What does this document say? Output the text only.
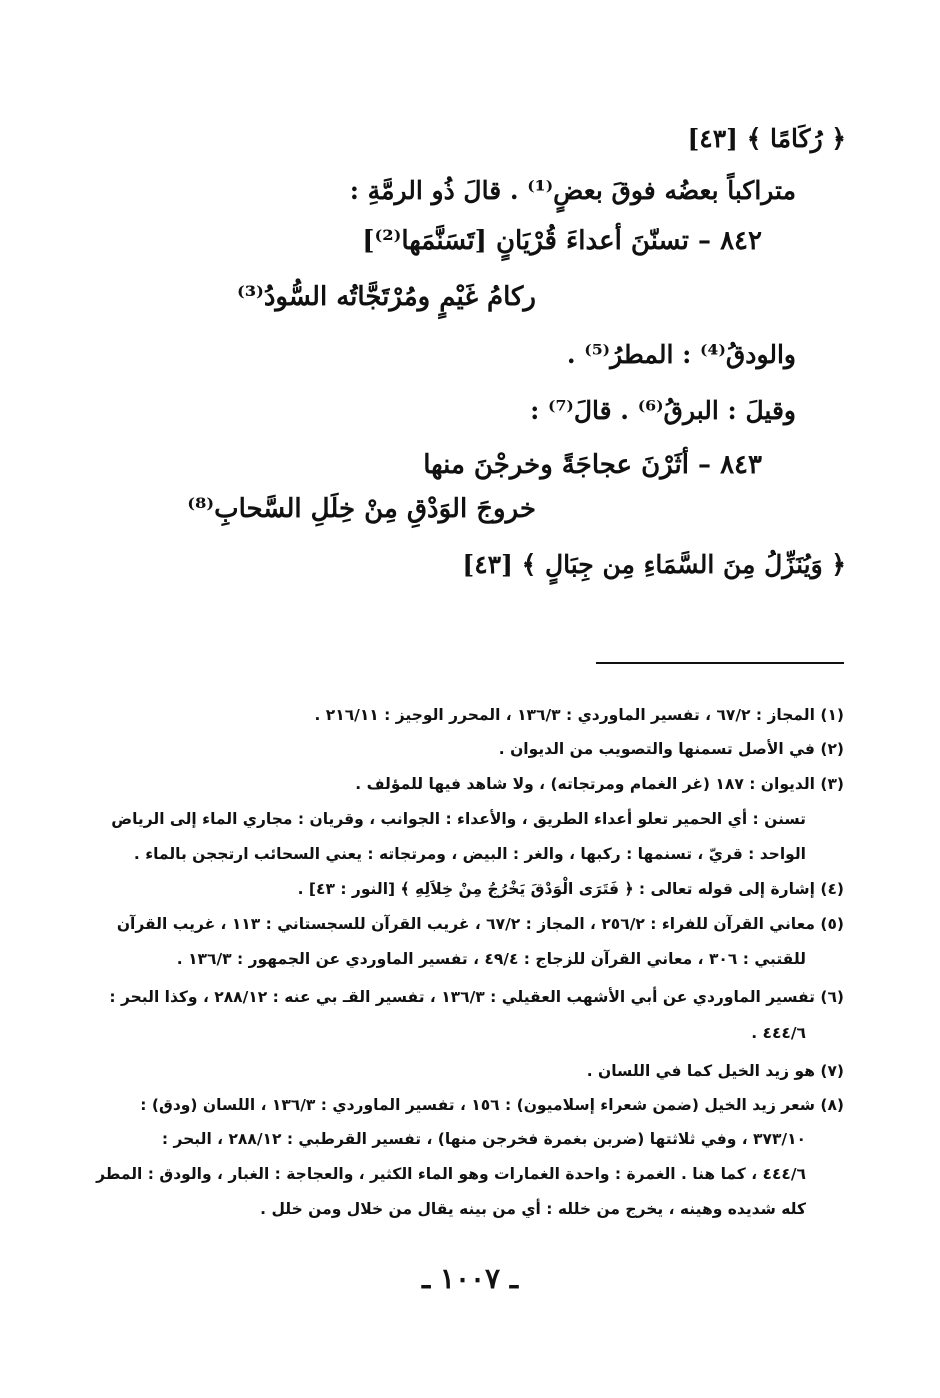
﴿ رُكَامًا ﴾ [٤٣]
متراكباً بعضُه فوقَ بعضٍ⁽¹⁾ . قالَ ذُو الرمَّةِ :
٨٤٢ – تسنّنَ أعداءَ قُرْيَانٍ [تَسَنَّمَها⁽²⁾]
ركامُ غَيْمٍ ومُرْتَجَّاتُه السُّودُ⁽³⁾
والودقُ⁽⁴⁾ : المطرُ⁽⁵⁾ .
وقيلَ : البرقُ⁽⁶⁾ . قالَ⁽⁷⁾ :
٨٤٣ – أثَرْنَ عجاجَةً وخرجْنَ منها
خروجَ الوَدْقِ مِنْ خِلَلِ السَّحابِ⁽⁸⁾
﴿ وَيُنَزِّلُ مِنَ السَّمَاءِ مِن جِبَالٍ ﴾ [٤٣]
(١) المجاز : ٦٧/٢ ، تفسير الماوردي : ١٣٦/٣ ، المحرر الوجيز : ٢١٦/١١ .
(٢) في الأصل تسمنها والتصويب من الديوان .
(٣) الديوان : ١٨٧ (غر الغمام ومرتجاته) ، ولا شاهد فيها للمؤلف .
تسنن : أي الحمير تعلو أعداء الطريق ، والأعداء : الجوانب ، وقريان : مجاري الماء إلى الرياض
الواحد : قريّ ، تسنمها : ركبها ، والغر : البيض ، ومرتجاته : يعني السحائب ارتججن بالماء .
(٤) إشارة إلى قوله تعالى : ﴿ فَتَرَى الْوَدْقَ يَخْرُجُ مِنْ خِلاَلِهِ ﴾ [النور : ٤٣] .
(٥) معاني القرآن للفراء : ٢٥٦/٢ ، المجاز : ٦٧/٢ ، غريب القرآن للسجستاني : ١١٣ ، غريب القرآن
للقتبي : ٣٠٦ ، معاني القرآن للزجاج : ٤٩/٤ ، تفسير الماوردي عن الجمهور : ١٣٦/٣ .
(٦) تفسير الماوردي عن أبي الأشهب العقيلي : ١٣٦/٣ ، تفسير القـ بي عنه : ٢٨٨/١٢ ، وكذا البحر :
٤٤٤/٦ .
(٧) هو زيد الخيل كما في اللسان .
(٨) شعر زيد الخيل (ضمن شعراء إسلاميون) : ١٥٦ ، تفسير الماوردي : ١٣٦/٣ ، اللسان (ودق) :
٣٧٣/١٠ ، وفي ثلاثتها (ضربن بغمرة فخرجن منها) ، تفسير القرطبي : ٢٨٨/١٢ ، البحر :
٤٤٤/٦ ، كما هنا . الغمرة : واحدة الغمارات وهو الماء الكثير ، والعجاجة : الغبار ، والودق : المطر
كله شديده وهينه ، يخرج من خلله : أي من بينه يقال من خلال ومن خلل .
ـ ١٠٠٧ ـ
